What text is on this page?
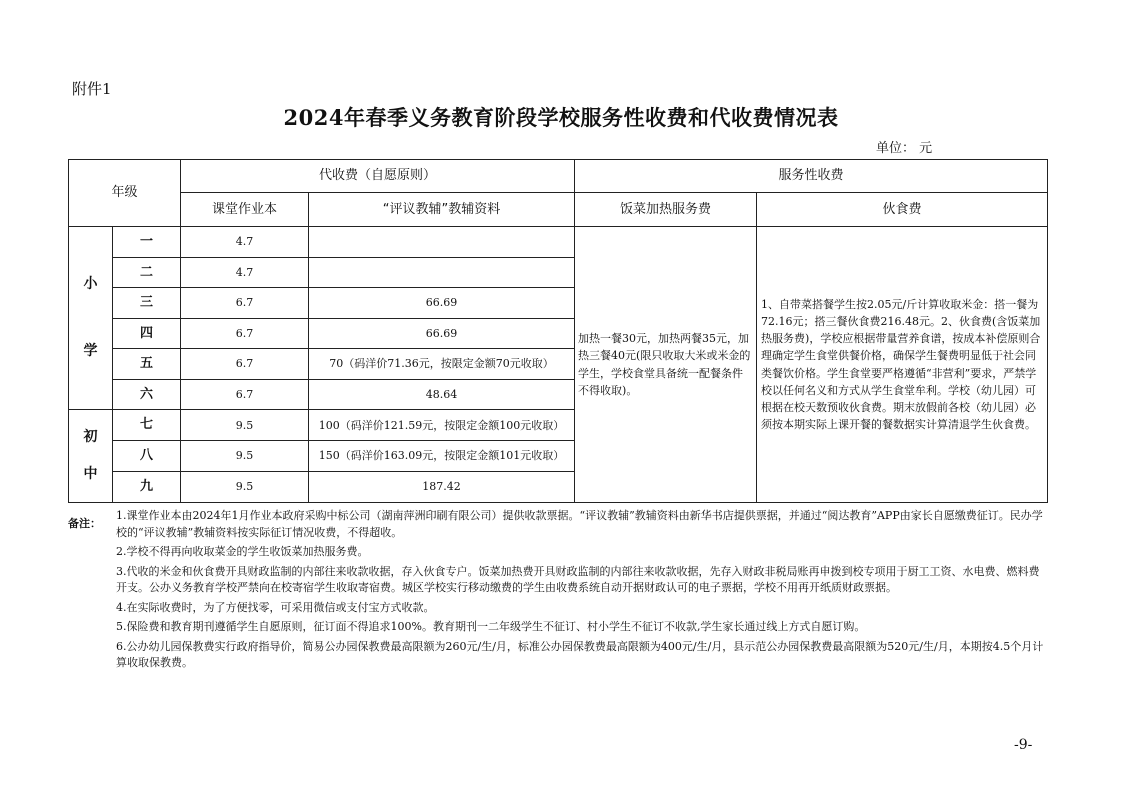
附件1
2024年春季义务教育阶段学校服务性收费和代收费情况表
单位： 元
年级		代收费（自愿原则）		服务性收费	
		课堂作业本	“评议教辅”教辅资料	饭菜加热服务费	伙食费

小
学	一	4.7		加热一餐30元，加热两餐35元，加热三餐40元(限只收取大米或米金的学生，学校食堂具备统一配餐条件不得收取)。	1、自带菜搭餐学生按2.05元/斤计算收取米金：搭一餐为72.16元；搭三餐伙食费216.48元。2、伙食费(含饭菜加热服务费)，学校应根据带量营养食谱，按成本补偿原则合理确定学生食堂供餐价格，确保学生餐费明显低于社会同类餐饮价格。学生食堂要严格遵循“非营利”要求，严禁学校以任何名义和方式从学生食堂牟利。学校（幼儿园）可根据在校天数预收伙食费。期末放假前各校（幼儿园）必须按本期实际上课开餐的餐数据实计算清退学生伙食费。
	二	4.7			
	三	6.7	66.69		
	四	6.7	66.69		
	五	6.7	70（码洋价71.36元，按限定金额70元收取）		
	六	6.7	48.64		

初
中	七	9.5	100（码洋价121.59元，按限定金额100元收取）		
	八	9.5	150（码洋价163.09元，按限定金额101元收取）		
	九	9.5	187.42		
备注：

1.课堂作业本由2024年1月作业本政府采购中标公司（湖南萍洲印刷有限公司）提供收款票据。“评议教辅”教辅资料由新华书店提供票据，并通过“阅达教育”APP由家长自愿缴费征订。民办学校的“评议教辅”教辅资料按实际征订情况收费，不得超收。

2.学校不得再向收取菜金的学生收饭菜加热服务费。

3.代收的米金和伙食费开具财政监制的内部往来收款收据，存入伙食专户。饭菜加热费开具财政监制的内部往来收款收据，先存入财政非税局账再申拨到校专项用于厨工工资、水电费、燃料费开支。公办义务教育学校严禁向在校寄宿学生收取寄宿费。城区学校实行移动缴费的学生由收费系统自动开据财政认可的电子票据，学校不用再开纸质财政票据。

4.在实际收费时，为了方便找零，可采用微信或支付宝方式收款。

5.保险费和教育期刊遵循学生自愿原则，征订面不得追求100%。教育期刊一二年级学生不征订、村小学生不征订不收款,学生家长通过线上方式自愿订购。

6.公办幼儿园保教费实行政府指导价，简易公办园保教费最高限额为260元/生/月，标准公办园保教费最高限额为400元/生/月，县示范公办园保教费最高限额为520元/生/月，本期按4.5个月计算收取保教费。

-9-
